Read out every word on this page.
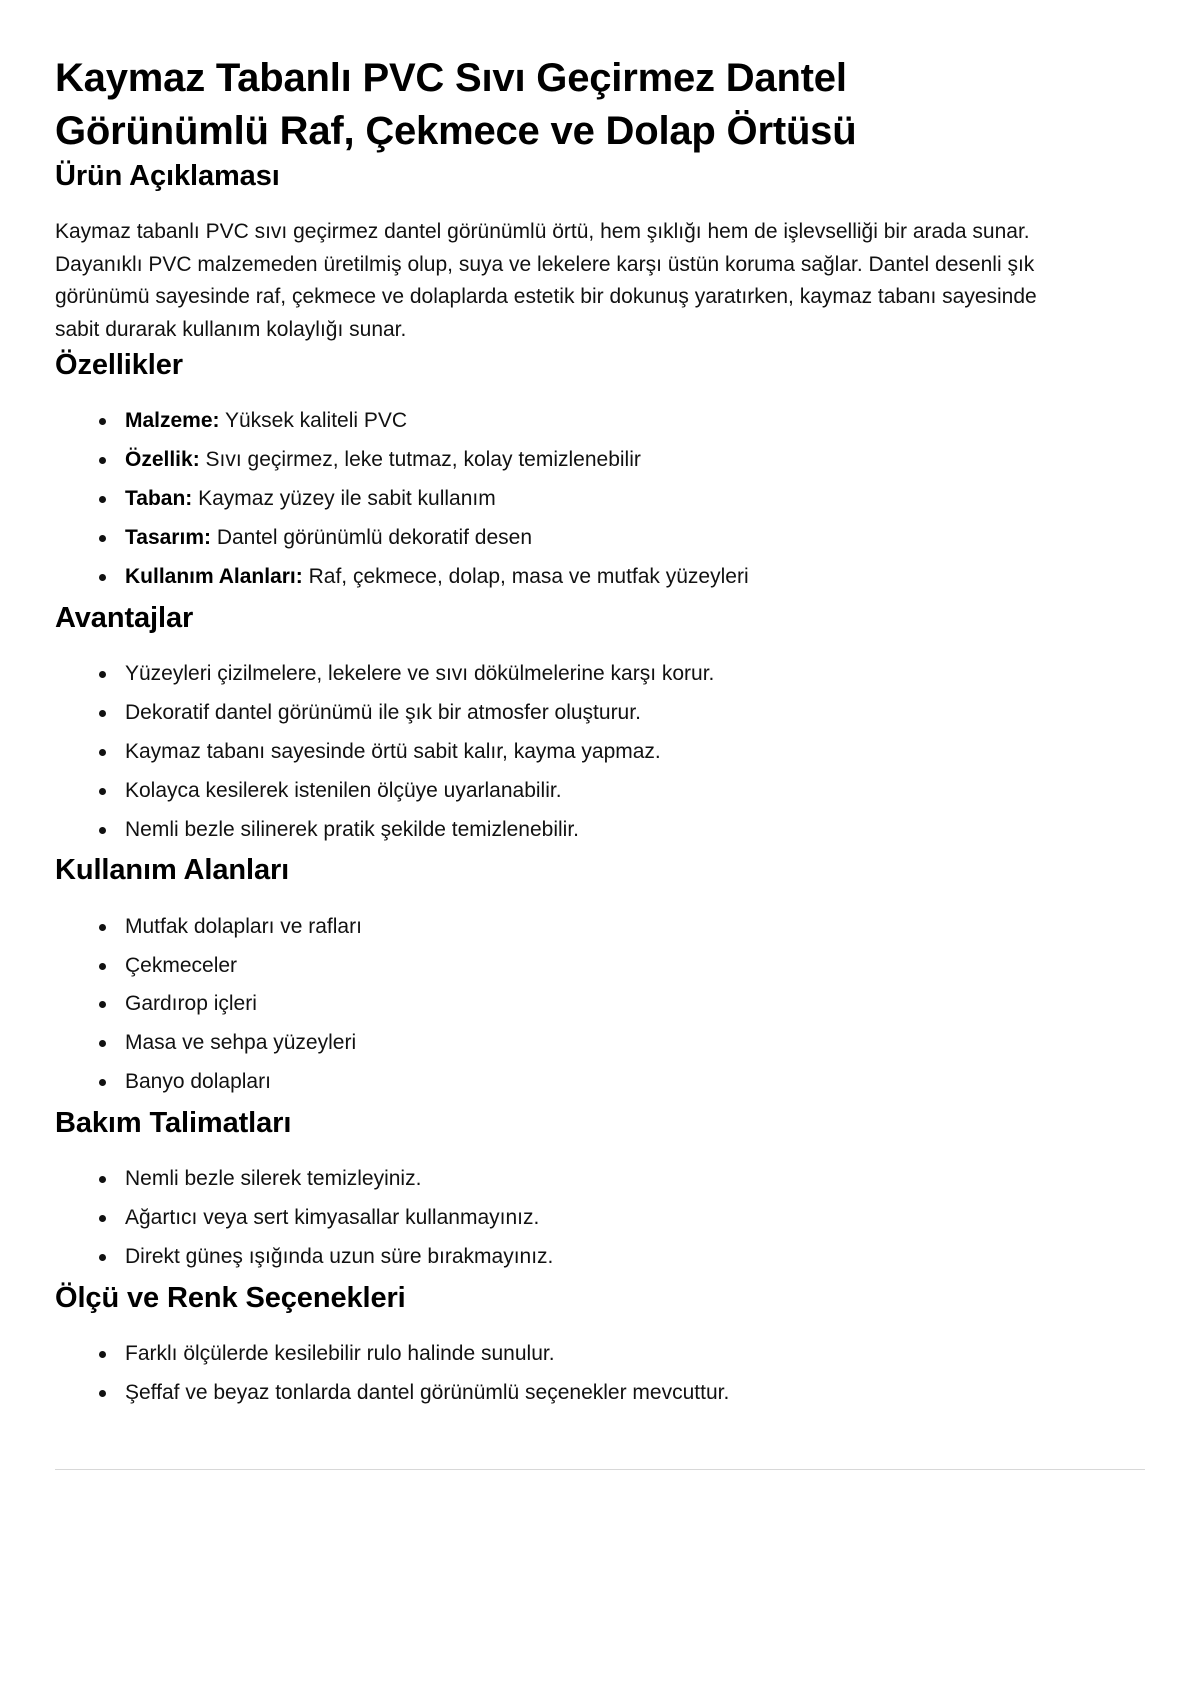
Kaymaz Tabanlı PVC Sıvı Geçirmez Dantel Görünümlü Raf, Çekmece ve Dolap Örtüsü
Ürün Açıklaması

Kaymaz tabanlı PVC sıvı geçirmez dantel görünümlü örtü, hem şıklığı hem de işlevselliği bir arada sunar. Dayanıklı PVC malzemeden üretilmiş olup, suya ve lekelere karşı üstün koruma sağlar. Dantel desenli şık görünümü sayesinde raf, çekmece ve dolaplarda estetik bir dokunuş yaratırken, kaymaz tabanı sayesinde sabit durarak kullanım kolaylığı sunar.

Özellikler
Malzeme: Yüksek kaliteli PVC
Özellik: Sıvı geçirmez, leke tutmaz, kolay temizlenebilir
Taban: Kaymaz yüzey ile sabit kullanım
Tasarım: Dantel görünümlü dekoratif desen
Kullanım Alanları: Raf, çekmece, dolap, masa ve mutfak yüzeyleri
Avantajlar
Yüzeyleri çizilmelere, lekelere ve sıvı dökülmelerine karşı korur.
Dekoratif dantel görünümü ile şık bir atmosfer oluşturur.
Kaymaz tabanı sayesinde örtü sabit kalır, kayma yapmaz.
Kolayca kesilerek istenilen ölçüye uyarlanabilir.
Nemli bezle silinerek pratik şekilde temizlenebilir.
Kullanım Alanları
Mutfak dolapları ve rafları
Çekmeceler
Gardırop içleri
Masa ve sehpa yüzeyleri
Banyo dolapları
Bakım Talimatları
Nemli bezle silerek temizleyiniz.
Ağartıcı veya sert kimyasallar kullanmayınız.
Direkt güneş ışığında uzun süre bırakmayınız.
Ölçü ve Renk Seçenekleri
Farklı ölçülerde kesilebilir rulo halinde sunulur.
Şeffaf ve beyaz tonlarda dantel görünümlü seçenekler mevcuttur.
